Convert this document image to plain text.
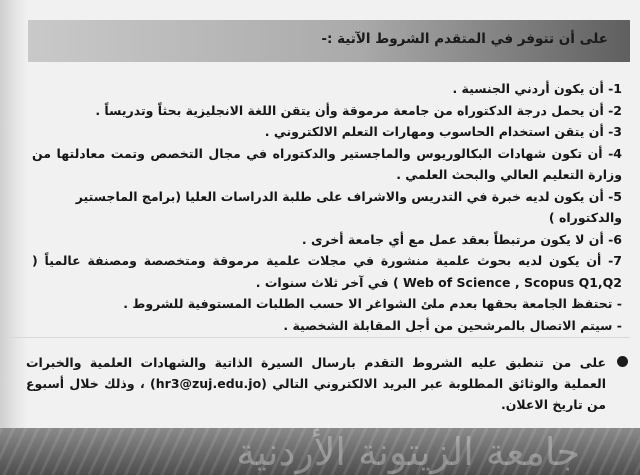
على أن تتوفر في المتقدم الشروط الآتية :-

1- أن يكون أردني الجنسية .

2- أن يحمل درجة الدكتوراه من جامعة مرموقة وأن يتقن اللغة الانجليزية بحثاً وتدريساً .

3- أن يتقن استخدام الحاسوب ومهارات التعلم الالكتروني .

4- أن تكون شهادات البكالوريوس والماجستير والدكتوراه في مجال التخصص وتمت معادلتها من وزارة التعليم العالي والبحث العلمي .

5- أن يكون لديه خبرة في التدريس والاشراف على طلبة الدراسات العليا (برامج الماجستير والدكتوراه )

6- أن لا يكون مرتبطاً بعقد عمل مع أي جامعة أخرى .

7- أن يكون لديه بحوث علمية منشورة في مجلات علمية مرموقة ومتخصصة ومصنفة عالمياً ( Web of Science , Scopus Q1,Q2 ) في آخر ثلاث سنوات .

- تحتفظ الجامعة بحقها بعدم ملئ الشواغر الا حسب الطلبات المستوفية للشروط .

- سيتم الاتصال بالمرشحين من أجل المقابلة الشخصية .

على من تنطبق عليه الشروط التقدم بارسال السيرة الذاتية والشهادات العلمية والخبرات العملية والوثائق المطلوبة عبر البريد الالكتروني التالي (hr3@zuj.edu.jo) ، وذلك خلال أسبوع من تاريخ الاعلان.
جامعة الزيتونة الأردنية
